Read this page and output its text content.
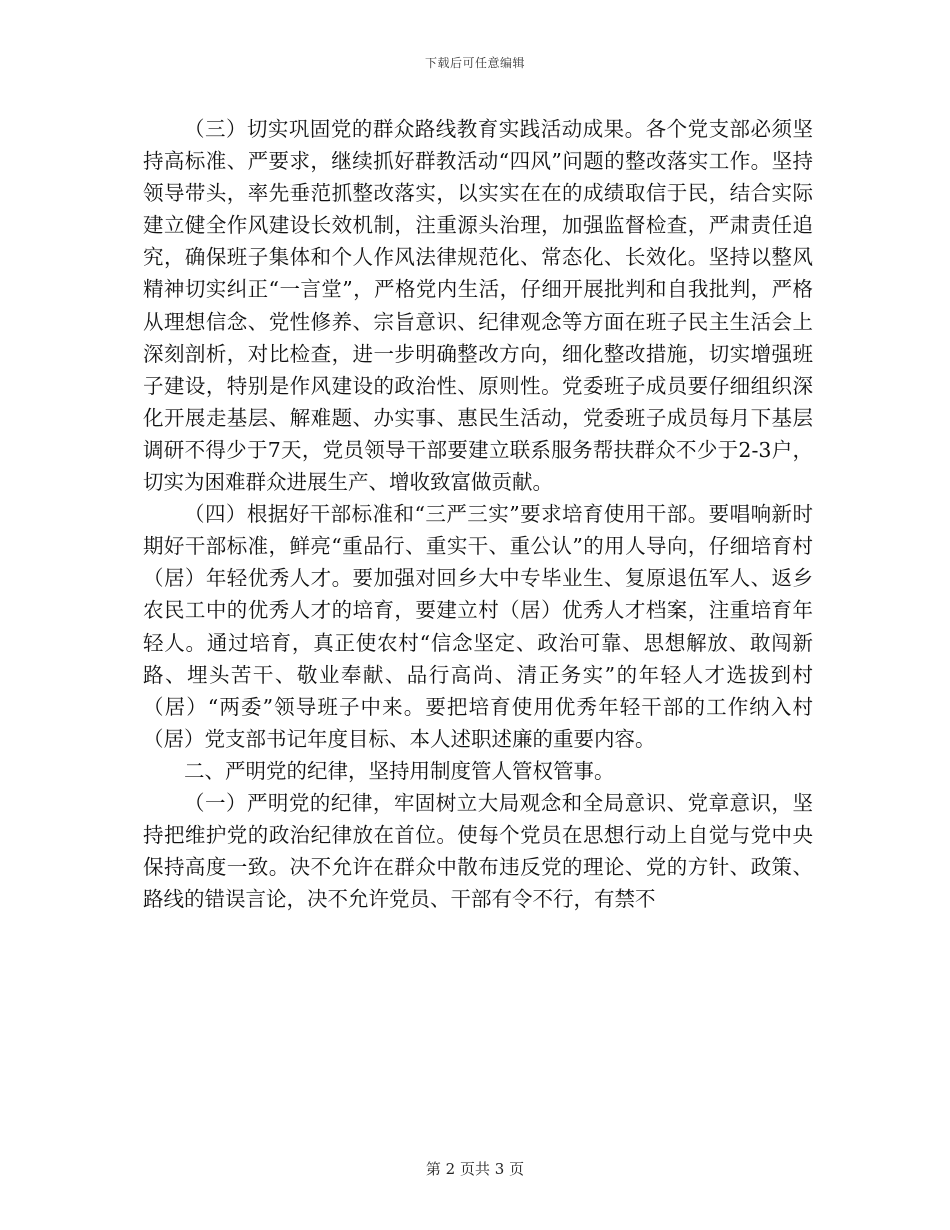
下载后可任意编辑

（三）切实巩固党的群众路线教育实践活动成果。各个党支部必须坚持高标准、严要求，继续抓好群教活动“四风”问题的整改落实工作。坚持领导带头，率先垂范抓整改落实，以实实在在的成绩取信于民，结合实际建立健全作风建设长效机制，注重源头治理，加强监督检查，严肃责任追究，确保班子集体和个人作风法律规范化、常态化、长效化。坚持以整风精神切实纠正“一言堂”，严格党内生活，仔细开展批判和自我批判，严格从理想信念、党性修养、宗旨意识、纪律观念等方面在班子民主生活会上深刻剖析，对比检查，进一步明确整改方向，细化整改措施，切实增强班子建设，特别是作风建设的政治性、原则性。党委班子成员要仔细组织深化开展走基层、解难题、办实事、惠民生活动，党委班子成员每月下基层调研不得少于7天，党员领导干部要建立联系服务帮扶群众不少于2-3户，切实为困难群众进展生产、增收致富做贡献。

（四）根据好干部标准和“三严三实”要求培育使用干部。要唱响新时期好干部标准，鲜亮“重品行、重实干、重公认”的用人导向，仔细培育村（居）年轻优秀人才。要加强对回乡大中专毕业生、复原退伍军人、返乡农民工中的优秀人才的培育，要建立村（居）优秀人才档案，注重培育年轻人。通过培育，真正使农村“信念坚定、政治可靠、思想解放、敢闯新路、埋头苦干、敬业奉献、品行高尚、清正务实”的年轻人才选拔到村（居）“两委”领导班子中来。要把培育使用优秀年轻干部的工作纳入村（居）党支部书记年度目标、本人述职述廉的重要内容。

二、严明党的纪律，坚持用制度管人管权管事。

（一）严明党的纪律，牢固树立大局观念和全局意识、党章意识，坚持把维护党的政治纪律放在首位。使每个党员在思想行动上自觉与党中央保持高度一致。决不允许在群众中散布违反党的理论、党的方针、政策、路线的错误言论，决不允许党员、干部有令不行，有禁不

第 2 页共 3 页
